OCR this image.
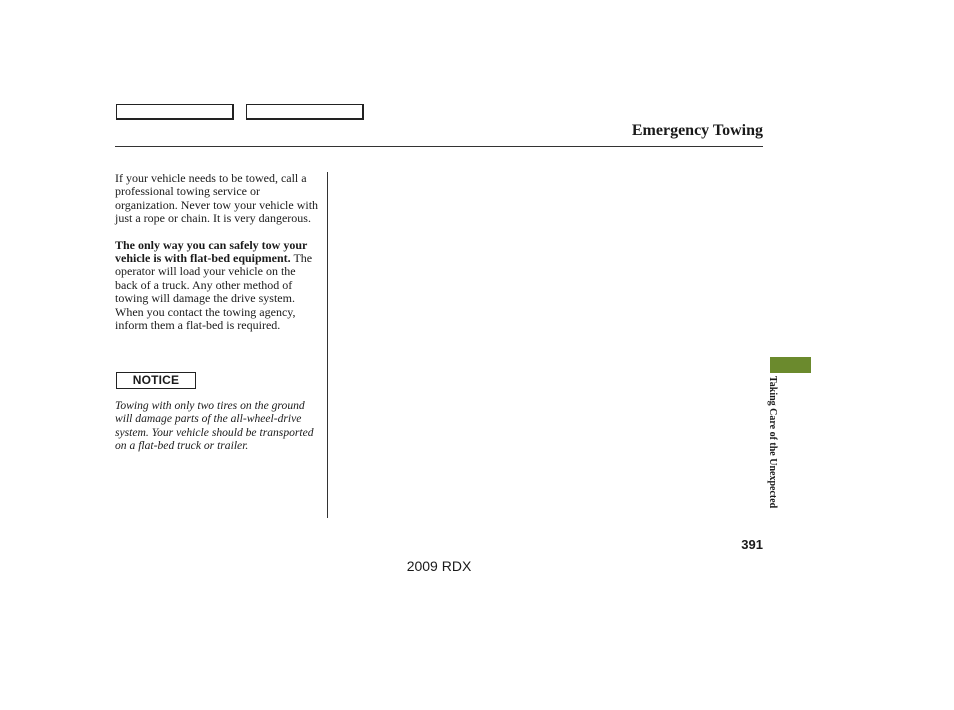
Emergency Towing

If your vehicle needs to be towed, call a professional towing service or organization. Never tow your vehicle with just a rope or chain. It is very dangerous.

The only way you can safely tow your vehicle is with flat-bed equipment. The operator will load your vehicle on the back of a truck. Any other method of towing will damage the drive system. When you contact the towing agency, inform them a flat-bed is required.

NOTICE

Towing with only two tires on the ground will damage parts of the all-wheel-drive system. Your vehicle should be transported on a flat-bed truck or trailer.	Taking Care of the Unexpected
391
2009 RDX
